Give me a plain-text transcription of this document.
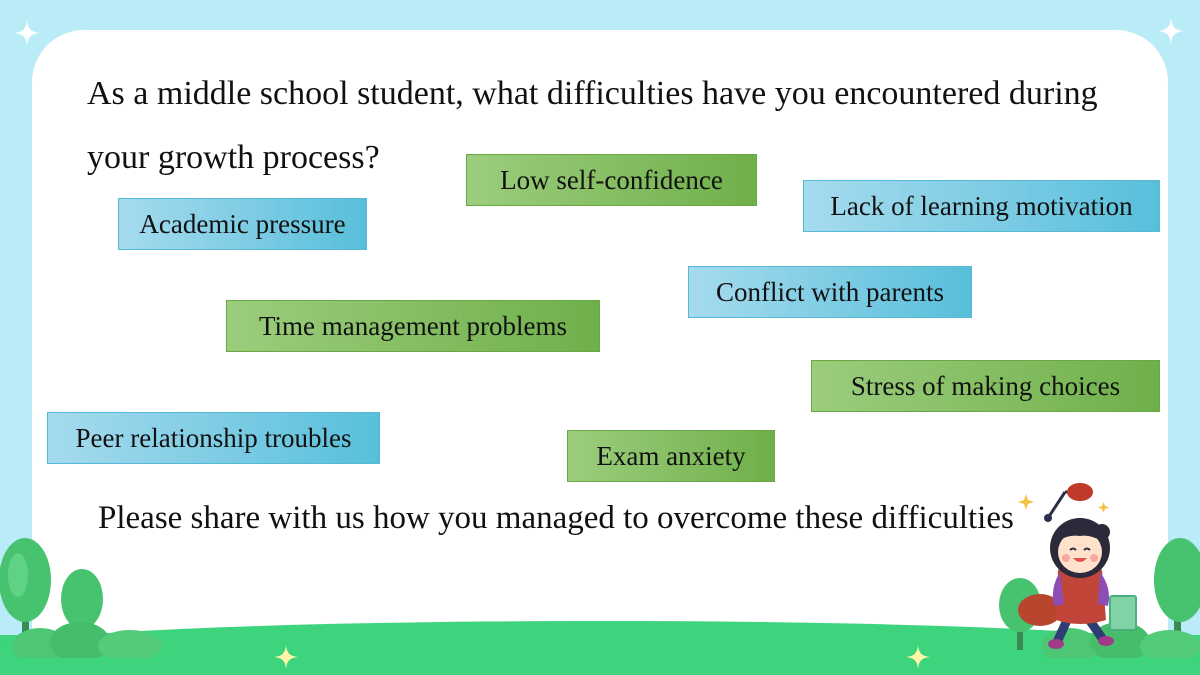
As a middle school student, what difficulties have you encountered during your growth process?
Low self-confidence
Academic pressure
Lack of learning motivation
Conflict with parents
Time management problems
Stress of making choices
Peer relationship troubles
Exam anxiety
Please share with us how you managed to overcome these difficulties
